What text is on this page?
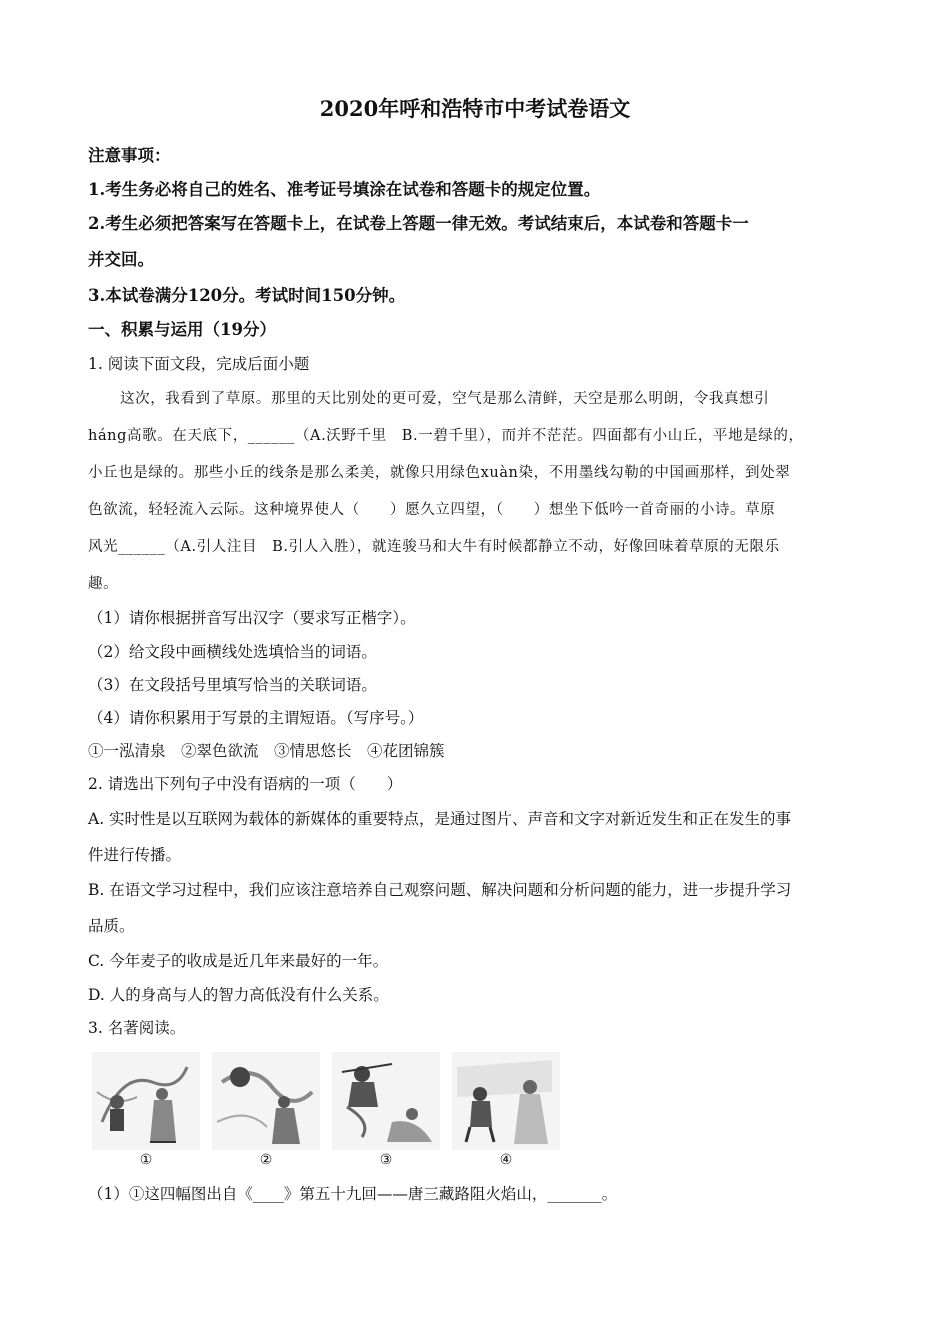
2020年呼和浩特市中考试卷语文
注意事项：
1.考生务必将自己的姓名、准考证号填涂在试卷和答题卡的规定位置。
2.考生必须把答案写在答题卡上，在试卷上答题一律无效。考试结束后，本试卷和答题卡一
并交回。
3.本试卷满分120分。考试时间150分钟。
一、积累与运用（19分）
1. 阅读下面文段，完成后面小题
这次，我看到了草原。那里的天比别处的更可爱，空气是那么清鲜，天空是那么明朗，令我真想引
háng高歌。在天底下，______（A.沃野千里　B.一碧千里），而并不茫茫。四面都有小山丘，平地是绿的，
小丘也是绿的。那些小丘的线条是那么柔美，就像只用绿色xuàn染，不用墨线勾勒的中国画那样，到处翠
色欲流，轻轻流入云际。这种境界使人（　　）愿久立四望，（　　）想坐下低吟一首奇丽的小诗。草原
风光______（A.引人注目　B.引人入胜），就连骏马和大牛有时候都静立不动，好像回味着草原的无限乐
趣。
（1）请你根据拼音写出汉字（要求写正楷字）。
（2）给文段中画横线处选填恰当的词语。
（3）在文段括号里填写恰当的关联词语。
（4）请你积累用于写景的主谓短语。（写序号。）
①一泓清泉　②翠色欲流　③情思悠长　④花团锦簇
2. 请选出下列句子中没有语病的一项（　　）
A. 实时性是以互联网为载体的新媒体的重要特点，是通过图片、声音和文字对新近发生和正在发生的事
件进行传播。
B. 在语文学习过程中，我们应该注意培养自己观察问题、解决问题和分析问题的能力，进一步提升学习
品质。
C. 今年麦子的收成是近几年来最好的一年。
D. 人的身高与人的智力高低没有什么关系。
3. 名著阅读。
①	②	③	④
（1）①这四幅图出自《____》第五十九回——唐三藏路阻火焰山，_______。
